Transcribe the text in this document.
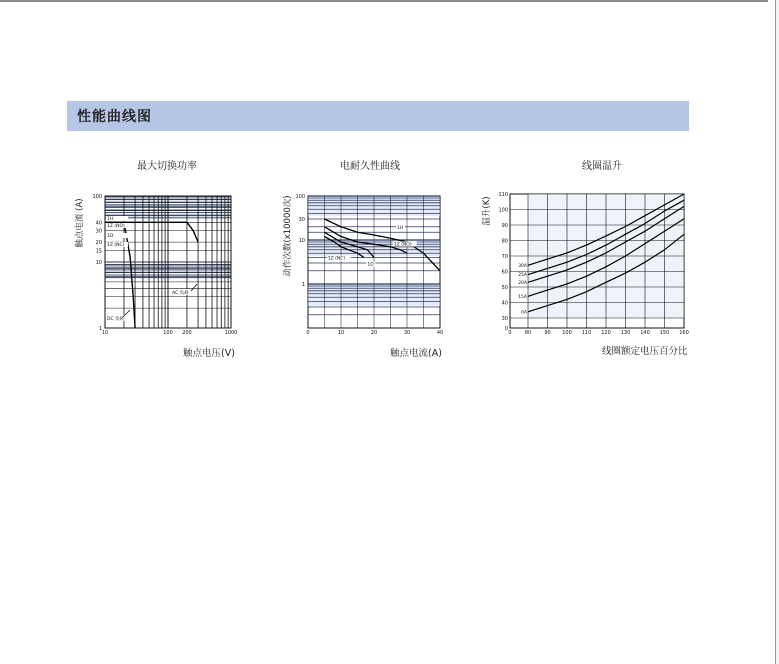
性能曲线图
最大切换功率
触点电流 (A)
1
10
15
20
30
40
100
10	100 200	1000
1H
1Z (NO)
1D
1Z (NC)
AC 负载
DC 负载
触点电压(V)
电耐久性曲线
动作次数(x10000次)	1H
1Z (NO)
1D
1Z (NC)
100
30
10
1
0	10	20	30	40
触点电流(A)
线圈温升
温升(K)
30A
25A
20A
15A
0A
0
30
40
50
60
70
80
90
100
110
0	80	90 100 110 120 130 140 150 160
线圈额定电压百分比
